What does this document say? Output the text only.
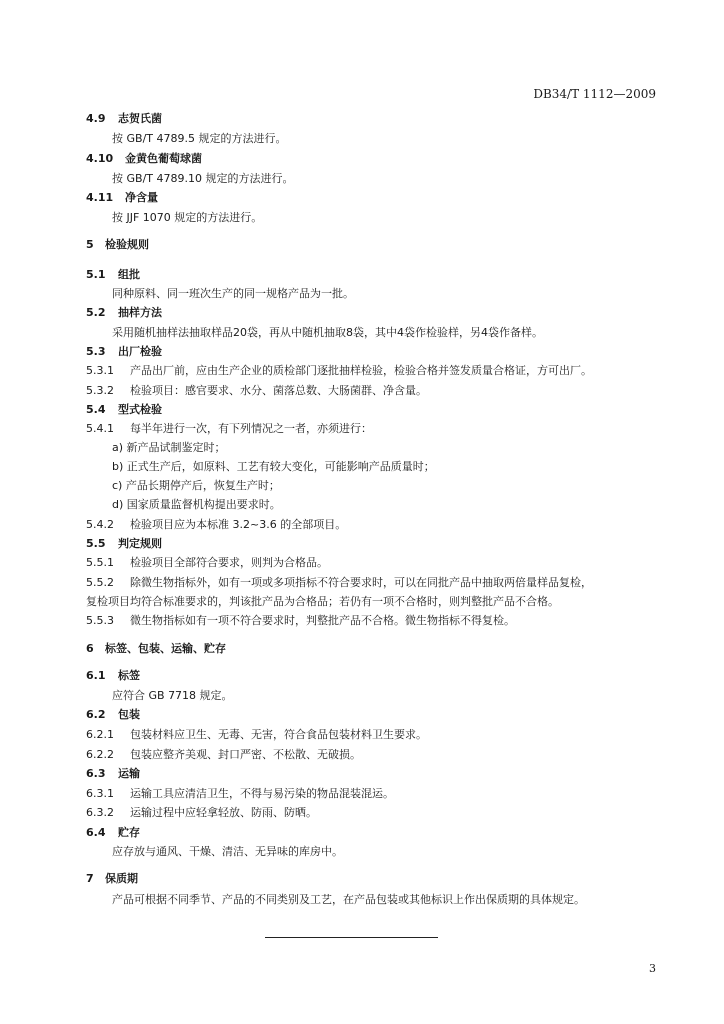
DB34/T 1112—2009
4.9 志贺氏菌
按 GB/T 4789.5 规定的方法进行。
4.10 金黄色葡萄球菌
按 GB/T 4789.10 规定的方法进行。
4.11 净含量
按 JJF 1070 规定的方法进行。
5 检验规则
5.1 组批
同种原料、同一班次生产的同一规格产品为一批。
5.2 抽样方法
采用随机抽样法抽取样品20袋，再从中随机抽取8袋，其中4袋作检验样，另4袋作备样。
5.3 出厂检验
5.3.1 产品出厂前，应由生产企业的质检部门逐批抽样检验，检验合格并签发质量合格证，方可出厂。
5.3.2 检验项目：感官要求、水分、菌落总数、大肠菌群、净含量。
5.4 型式检验
5.4.1 每半年进行一次，有下列情况之一者，亦须进行：
a) 新产品试制鉴定时；
b) 正式生产后，如原料、工艺有较大变化，可能影响产品质量时；
c) 产品长期停产后，恢复生产时；
d) 国家质量监督机构提出要求时。
5.4.2 检验项目应为本标准 3.2~3.6 的全部项目。
5.5 判定规则
5.5.1 检验项目全部符合要求，则判为合格品。
5.5.2 除微生物指标外，如有一项或多项指标不符合要求时，可以在同批产品中抽取两倍量样品复检，
复检项目均符合标准要求的，判该批产品为合格品；若仍有一项不合格时，则判整批产品不合格。
5.5.3 微生物指标如有一项不符合要求时，判整批产品不合格。微生物指标不得复检。
6 标签、包装、运输、贮存
6.1 标签
应符合 GB 7718 规定。
6.2 包装
6.2.1 包装材料应卫生、无毒、无害，符合食品包装材料卫生要求。
6.2.2 包装应整齐美观、封口严密、不松散、无破损。
6.3 运输
6.3.1 运输工具应清洁卫生，不得与易污染的物品混装混运。
6.3.2 运输过程中应轻拿轻放、防雨、防晒。
6.4 贮存
应存放与通风、干燥、清洁、无异味的库房中。
7 保质期
产品可根据不同季节、产品的不同类别及工艺，在产品包装或其他标识上作出保质期的具体规定。
3
